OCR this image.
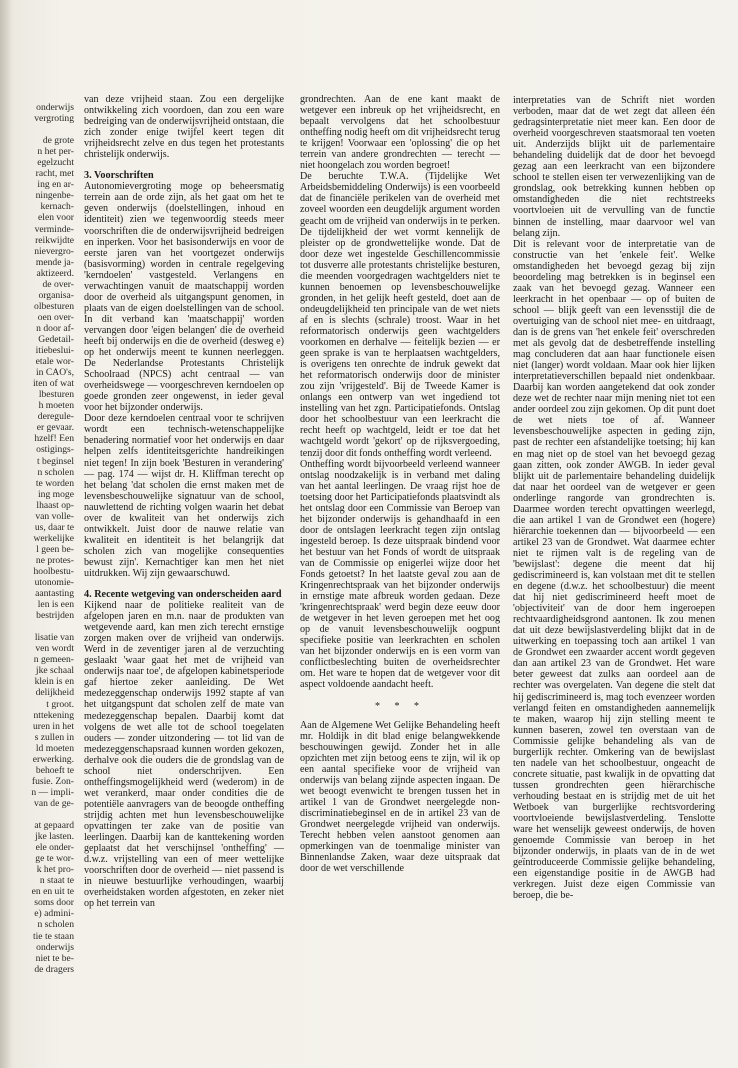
onderwijs
vergroting

de grote
n het per-
egelzucht
racht, met
ing en ar-
ningenbe-
kernach-
elen voor
verminde-
reikwijdte
nievergro-
mende ja-
aktizeerd.
de over-
organisa-
olbesturen
oen over-
n door af-
Gedetail-
itiebeslui-
etale wor-
in CAO's,
iten of wat
lbesturen
h moeten
deregule-
er gevaar.
hzelf! Een
ostigings-
t beginsel
n scholen
te worden
ing moge
lhaast op-
van volle-
us, daar te
werkelijke
l geen be-
ne protes-
hoolbestu-
utonomie-
aantasting
len is een
bestrijden

lisatie van
ven wordt
n gemeen-
jke schaal
klein is en
delijkheid
t groot.
nttekening
uren in het
s zullen in
ld moeten
erwerking.
behoeft te
fusie. Zon-
n — impli-
van de ge-

at gepaard
jke lasten.
ele onder-
ge te wor-
k het pro-
n staat te
en en uit te
soms door
e) admini-
n scholen
tie te staan
onderwijs
niet te be-
de dragers

van deze vrijheid staan. Zou een dergelijke ontwikkeling zich voordoen, dan zou een ware bedreiging van de onderwijsvrijheid ontstaan, die zich zonder enige twijfel keert tegen dit vrijheidsrecht zelve en dus tegen het protestants christelijk onderwijs.

3. Voorschriften

Autonomievergroting moge op beheersmatig terrein aan de orde zijn, als het gaat om het te geven onderwijs (doelstellingen, inhoud en identiteit) zien we tegenwoordig steeds meer voorschriften die de onderwijsvrijheid bedreigen en inperken. Voor het basisonderwijs en voor de eerste jaren van het voortgezet onderwijs (basisvorming) worden in centrale regelgeving 'kerndoelen' vastgesteld. Verlangens en verwachtingen vanuit de maatschappij worden door de overheid als uitgangspunt genomen, in plaats van de eigen doelstellingen van de school. In dit verband kan 'maatschappij' worden vervangen door 'eigen belangen' die de overheid heeft bij onderwijs en die de overheid (desweg e) op het onderwijs meent te kunnen neerleggen. De Nederlandse Protestants Christelijk Schoolraad (NPCS) acht centraal — van overheidswege — voorgeschreven kerndoelen op goede gronden zeer ongewenst, in ieder geval voor het bijzonder onderwijs.

Door deze kerndoelen centraal voor te schrijven wordt een technisch-wetenschappelijke benadering normatief voor het onderwijs en daar helpen zelfs identiteitsgerichte handreikingen niet tegen! In zijn boek 'Besturen in verandering' — pag. 174 — wijst dr. H. Kliffman terecht op het belang 'dat scholen die ernst maken met de levensbeschouwelijke signatuur van de school, nauwlettend de richting volgen waarin het debat over de kwaliteit van het onderwijs zich ontwikkelt. Juist door de nauwe relatie van kwaliteit en identiteit is het belangrijk dat scholen zich van mogelijke consequenties bewust zijn'. Kernachtiger kan men het niet uitdrukken. Wij zijn gewaarschuwd.

4. Recente wetgeving van onderscheiden aard

Kijkend naar de politieke realiteit van de afgelopen jaren en m.n. naar de produkten van wetgevende aard, kan men zich terecht ernstige zorgen maken over de vrijheid van onderwijs. Werd in de zeventiger jaren al de verzuchting geslaakt 'waar gaat het met de vrijheid van onderwijs naar toe', de afgelopen kabinetsperiode gaf hiertoe zeker aanleiding. De Wet medezeggenschap onderwijs 1992 stapte af van het uitgangspunt dat scholen zelf de mate van medezeggenschap bepalen. Daarbij komt dat volgens de wet alle tot de school toegelaten ouders — zonder uitzondering — tot lid van de medezeggenschapsraad kunnen worden gekozen, derhalve ook die ouders die de grondslag van de school niet onderschrijven. Een ontheffingsmogelijkheid werd (wederom) in de wet verankerd, maar onder condities die de potentiële aanvragers van de beoogde ontheffing strijdig achten met hun levensbeschouwelijke opvattingen ter zake van de positie van leerlingen. Daarbij kan de kanttekening worden geplaatst dat het verschijnsel 'ontheffing' — d.w.z. vrijstelling van een of meer wettelijke voorschriften door de overheid — niet passend is in nieuwe bestuurlijke verhoudingen, waarbij overheidstaken worden afgestoten, en zeker niet op het terrein van

grondrechten. Aan de ene kant maakt de wetgever een inbreuk op het vrijheidsrecht, en bepaalt vervolgens dat het schoolbestuur ontheffing nodig heeft om dit vrijheidsrecht terug te krijgen! Voorwaar een 'oplossing' die op het terrein van andere grondrechten — terecht — niet hoongelach zou worden begroet!

De beruchte T.W.A. (Tijdelijke Wet Arbeidsbemiddeling Onderwijs) is een voorbeeld dat de financiële perikelen van de overheid met zoveel woorden een deugdelijk argument worden geacht om de vrijheid van onderwijs in te perken. De tijdelijkheid der wet vormt kennelijk de pleister op de grondwettelijke wonde. Dat de door deze wet ingestelde Geschillencommissie tot dusverre alle protestants christelijke besturen, die meenden voorgedragen wachtgelders niet te kunnen benoemen op levensbeschouwelijke gronden, in het gelijk heeft gesteld, doet aan de ondeugdelijkheid ten principale van de wet niets af en is slechts (schrale) troost. Waar in het reformatorisch onderwijs geen wachtgelders voorkomen en derhalve — feitelijk bezien — er geen sprake is van te herplaatsen wachtgelders, is overigens ten onrechte de indruk gewekt dat het reformatorisch onderwijs door de minister zou zijn 'vrijgesteld'. Bij de Tweede Kamer is onlangs een ontwerp van wet ingediend tot instelling van het zgn. Participatiefonds. Ontslag door het schoolbestuur van een leerkracht die recht heeft op wachtgeld, leidt er toe dat het wachtgeld wordt 'gekort' op de rijksvergoeding, tenzij door dit fonds ontheffing wordt verleend.

Ontheffing wordt bijvoorbeeld verleend wanneer ontslag noodzakelijk is in verband met daling van het aantal leerlingen. De vraag rijst hoe de toetsing door het Participatiefonds plaatsvindt als het ontslag door een Commissie van Beroep van het bijzonder onderwijs is gehandhaafd in een door de ontslagen leerkracht tegen zijn ontslag ingesteld beroep. Is deze uitspraak bindend voor het bestuur van het Fonds of wordt de uitspraak van de Commissie op enigerlei wijze door het Fonds getoetst? In het laatste geval zou aan de Kringenrechtspraak van het bijzonder onderwijs in ernstige mate afbreuk worden gedaan. Deze 'kringenrechtspraak' werd begin deze eeuw door de wetgever in het leven geroepen met het oog op de vanuit levensbeschouwelijk oogpunt specifieke positie van leerkrachten en scholen van het bijzonder onderwijs en is een vorm van conflictbeslechting buiten de overheidsrechter om. Het ware te hopen dat de wetgever voor dit aspect voldoende aandacht heeft.

* * *

Aan de Algemene Wet Gelijke Behandeling heeft mr. Holdijk in dit blad enige belangwekkende beschouwingen gewijd. Zonder het in alle opzichten met zijn betoog eens te zijn, wil ik op een aantal specifieke voor de vrijheid van onderwijs van belang zijnde aspecten ingaan. De wet beoogt evenwicht te brengen tussen het in artikel 1 van de Grondwet neergelegde non-discriminatiebeginsel en de in artikel 23 van de Grondwet neergelegde vrijheid van onderwijs. Terecht hebben velen aanstoot genomen aan opmerkingen van de toenmalige minister van Binnenlandse Zaken, waar deze uitspraak dat door de wet verschillende

interpretaties van de Schrift niet worden verboden, maar dat de wet zegt dat alleen één gedragsinterpretatie niet meer kan. Een door de overheid voorgeschreven staatsmoraal ten voeten uit. Anderzijds blijkt uit de parlementaire behandeling duidelijk dat de door het bevoegd gezag aan een leerkracht van een bijzondere school te stellen eisen ter verwezenlijking van de grondslag, ook betrekking kunnen hebben op omstandigheden die niet rechtstreeks voortvloeien uit de vervulling van de functie binnen de instelling, maar daarvoor wel van belang zijn.

Dit is relevant voor de interpretatie van de constructie van het 'enkele feit'. Welke omstandigheden het bevoegd gezag bij zijn beoordeling mag betrekken is in beginsel een zaak van het bevoegd gezag. Wanneer een leerkracht in het openbaar — op of buiten de school — blijk geeft van een levensstijl die de overtuiging van de school niet mee- en uitdraagt, dan is de grens van 'het enkele feit' overschreden met als gevolg dat de desbetreffende instelling mag concluderen dat aan haar functionele eisen niet (langer) wordt voldaan. Maar ook hier lijken interpretatieverschillen bepaald niet ondenkbaar. Daarbij kan worden aangetekend dat ook zonder deze wet de rechter naar mijn mening niet tot een ander oordeel zou zijn gekomen. Op dit punt doet de wet niets toe of af. Wanneer levensbeschouwelijke aspecten in geding zijn, past de rechter een afstandelijke toetsing; hij kan en mag niet op de stoel van het bevoegd gezag gaan zitten, ook zonder AWGB. In ieder geval blijkt uit de parlementaire behandeling duidelijk dat naar het oordeel van de wetgever er geen onderlinge rangorde van grondrechten is. Daarmee worden terecht opvattingen weerlegd, die aan artikel 1 van de Grondwet een (hogere) hiërarchie toekennen dan — bijvoorbeeld — een artikel 23 van de Grondwet. Wat daarmee echter niet te rijmen valt is de regeling van de 'bewijslast': degene die meent dat hij gediscrimineerd is, kan volstaan met dit te stellen en degene (d.w.z. het schoolbestuur) die meent dat hij niet gediscrimineerd heeft moet de 'objectiviteit' van de door hem ingeroepen rechtvaardigheidsgrond aantonen. Ik zou menen dat uit deze bewijslastverdeling blijkt dat in de uitwerking en toepassing toch aan artikel 1 van de Grondwet een zwaarder accent wordt gegeven dan aan artikel 23 van de Grondwet. Het ware beter geweest dat zulks aan oordeel aan de rechter was overgelaten. Van degene die stelt dat hij gediscrimineerd is, mag toch evenzeer worden verlangd feiten en omstandigheden aannemelijk te maken, waarop hij zijn stelling meent te kunnen baseren, zowel ten overstaan van de Commissie gelijke behandeling als van de burgerlijk rechter. Omkering van de bewijslast ten nadele van het schoolbestuur, ongeacht de concrete situatie, past kwalijk in de opvatting dat tussen grondrechten geen hiërarchische verhouding bestaat en is strijdig met de uit het Wetboek van burgerlijke rechtsvordering voortvloeiende bewijslastverdeling. Tenslotte ware het wenselijk geweest onderwijs, de hoven genoemde Commissie van beroep in het bijzonder onderwijs, in plaats van de in de wet geïntroduceerde Commissie gelijke behandeling, een eigenstandige positie in de AWGB had verkregen. Juist deze eigen Commissie van beroep, die be-
